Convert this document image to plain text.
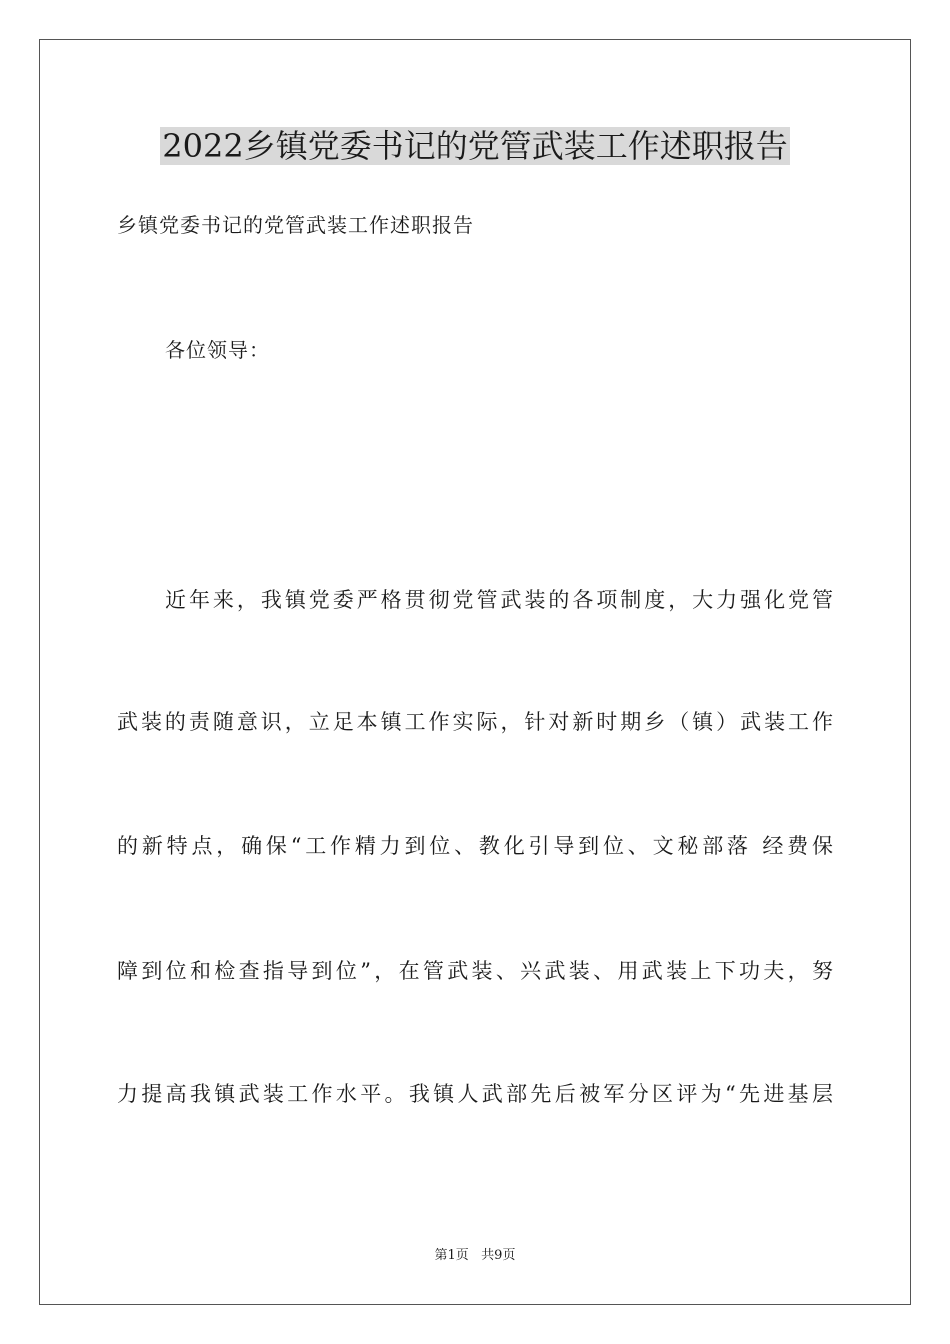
2022乡镇党委书记的党管武装工作述职报告
乡镇党委书记的党管武装工作述职报告
各位领导：
近年来，我镇党委严格贯彻党管武装的各项制度，大力强化党管
武装的责随意识，立足本镇工作实际，针对新时期乡（镇）武装工作
的新特点，确保“工作精力到位、教化引导到位、文秘部落 经费保
障到位和检查指导到位”，在管武装、兴武装、用武装上下功夫，努
力提高我镇武装工作水平。我镇人武部先后被军分区评为“先进基层
第1页   共9页
